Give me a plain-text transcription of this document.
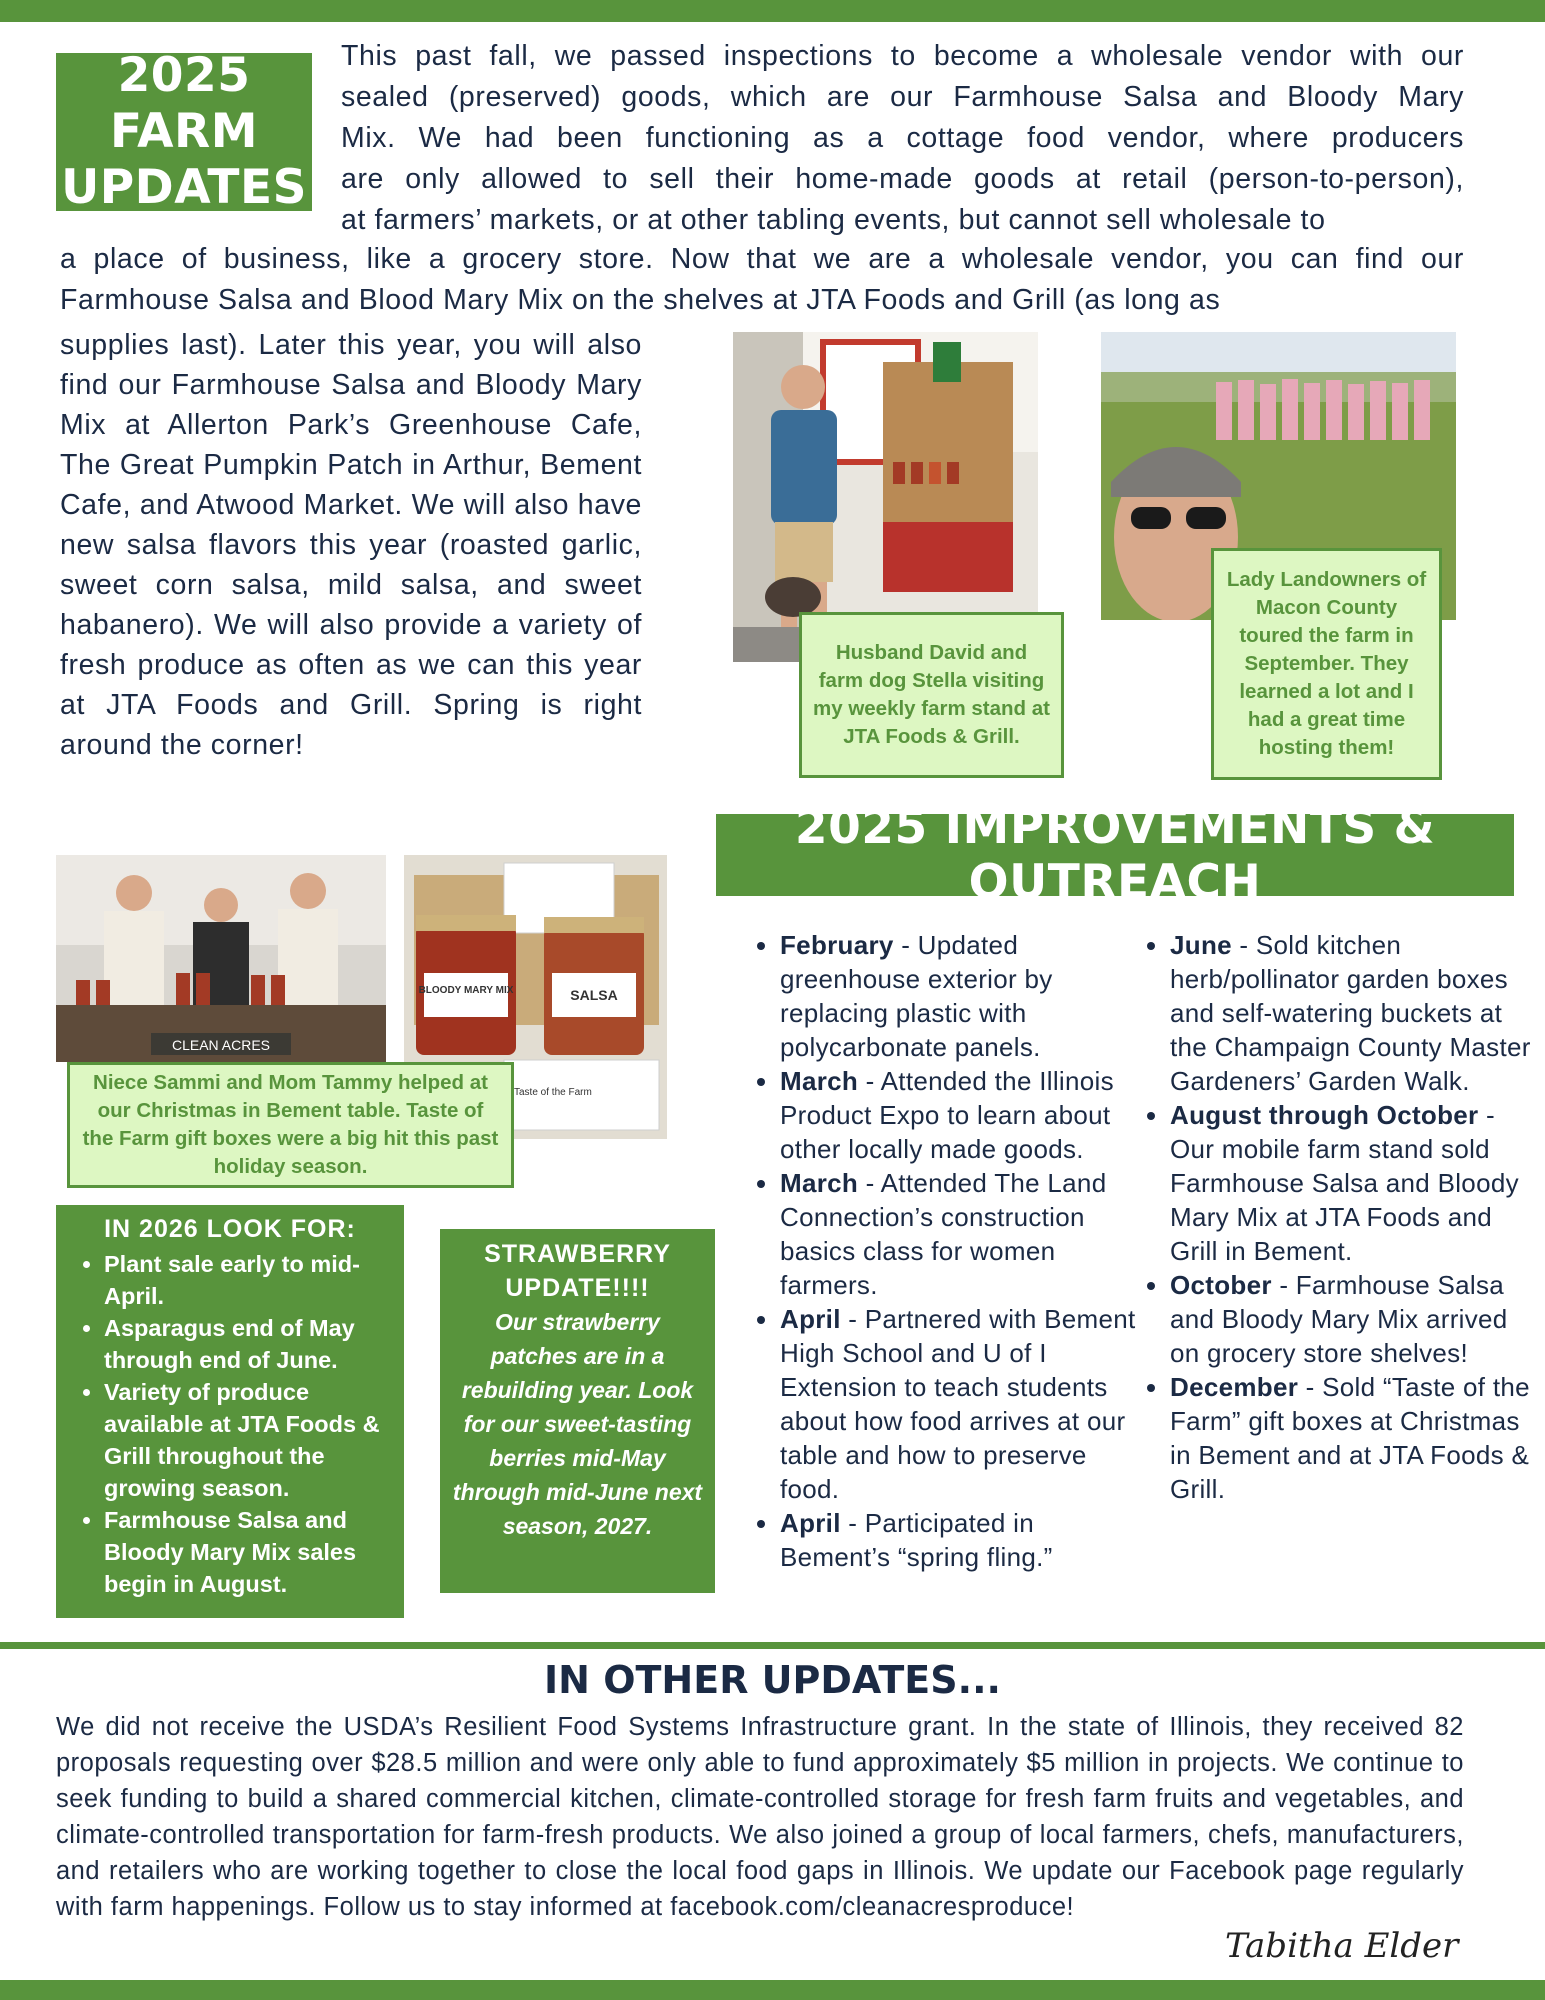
2025 FARM
UPDATES
This past fall, we passed inspections to become a wholesale vendor with our
sealed (preserved) goods, which are our Farmhouse Salsa and Bloody Mary
Mix. We had been functioning as a cottage food vendor, where producers
are only allowed to sell their home-made goods at retail (person-to-person),
at farmers’ markets, or at other tabling events, but cannot sell wholesale to
a place of business, like a grocery store. Now that we are a wholesale vendor, you can find our
Farmhouse Salsa and Blood Mary Mix on the shelves at JTA Foods and Grill (as long as

supplies last). Later this year, you will also find our Farmhouse Salsa and Bloody Mary Mix at Allerton Park’s Greenhouse Cafe, The Great Pumpkin Patch in Arthur, Bement Cafe, and Atwood Market. We will also have new salsa flavors this year (roasted garlic, sweet corn salsa, mild salsa, and sweet habanero). We will also provide a variety of fresh produce as often as we can this year at JTA Foods and Grill. Spring is right around the corner!

Husband David and farm dog Stella visiting my weekly farm stand at JTA Foods & Grill.
Lady Landowners of Macon County toured the farm in September. They learned a lot and I had a great time hosting them!
CLEAN ACRES
BLOODY MARY MIX	SALSA
Taste of the Farm
Niece Sammi and Mom Tammy helped at our Christmas in Bement table. Taste of the Farm gift boxes were a big hit this past holiday season.
IN 2026 LOOK FOR:
• Plant sale early to mid-April.
• Asparagus end of May through end of June.
• Variety of produce available at JTA Foods & Grill throughout the growing season.
• Farmhouse Salsa and Bloody Mary Mix sales begin in August.
STRAWBERRY UPDATE!!!!
Our strawberry patches are in a rebuilding year. Look for our sweet-tasting berries mid-May through mid-June next season, 2027.
2025 IMPROVEMENTS & OUTREACH
• February - Updated greenhouse exterior by replacing plastic with polycarbonate panels.
• March - Attended the Illinois Product Expo to learn about other locally made goods.
• March - Attended The Land Connection’s construction basics class for women farmers.
• April - Partnered with Bement High School and U of I Extension to teach students about how food arrives at our table and how to preserve food.
• April - Participated in Bement’s “spring fling.”
• June - Sold kitchen herb/pollinator garden boxes and self-watering buckets at the Champaign County Master Gardeners’ Garden Walk.
• August through October - Our mobile farm stand sold Farmhouse Salsa and Bloody Mary Mix at JTA Foods and Grill in Bement.
• October - Farmhouse Salsa and Bloody Mary Mix arrived on grocery store shelves!
• December - Sold “Taste of the Farm” gift boxes at Christmas in Bement and at JTA Foods & Grill.
IN OTHER UPDATES...

We did not receive the USDA’s Resilient Food Systems Infrastructure grant. In the state of Illinois, they received 82 proposals requesting over $28.5 million and were only able to fund approximately $5 million in projects. We continue to seek funding to build a shared commercial kitchen, climate-controlled storage for fresh farm fruits and vegetables, and climate-controlled transportation for farm-fresh products. We also joined a group of local farmers, chefs, manufacturers, and retailers who are working together to close the local food gaps in Illinois. We update our Facebook page regularly with farm happenings. Follow us to stay informed at facebook.com/cleanacresproduce!

Tabitha Elder
